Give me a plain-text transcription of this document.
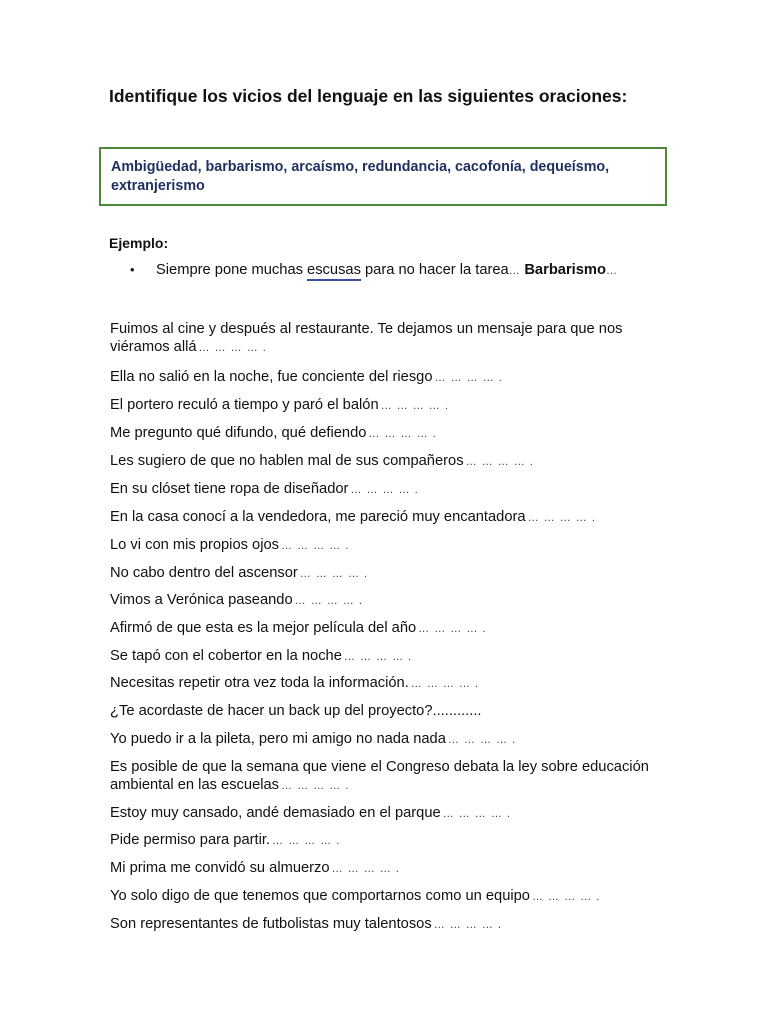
Identifique los vicios del lenguaje en las siguientes oraciones:
Ambigüedad, barbarismo, arcaísmo, redundancia, cacofonía, dequeísmo, extranjerismo
Ejemplo:
• Siempre pone muchas escusas para no hacer la tarea… Barbarismo…
Fuimos al cine y después al restaurante. Te dejamos un mensaje para que nos viéramos allá … … … … .
Ella no salió en la noche, fue conciente del riesgo … … … … .
El portero reculó a tiempo y paró el balón … … … … .
Me pregunto qué difundo, qué defiendo … … … … .
Les sugiero de que no hablen mal de sus compañeros … … … … .
En su clóset tiene ropa de diseñador … … … … .
En la casa conocí a la vendedora, me pareció muy encantadora … … … … .
Lo vi con mis propios ojos … … … … .
No cabo dentro del ascensor … … … … .
Vimos a Verónica paseando … … … … .
Afirmó de que esta es la mejor película del año … … … … .
Se tapó con el cobertor en la noche … … … … .
Necesitas repetir otra vez toda la información. … … … … .
¿Te acordaste de hacer un back up del proyecto?............
Yo puedo ir a la pileta, pero mi amigo no nada nada … … … … .
Es posible de que la semana que viene el Congreso debata la ley sobre educación ambiental en las escuelas … … … … .
Estoy muy cansado, andé demasiado en el parque … … … … .
Pide permiso para partir. … … … … .
Mi prima me convidó su almuerzo … … … … .
Yo solo digo de que tenemos que comportarnos como un equipo … … … … .
Son representantes de futbolistas muy talentosos … … … … .
